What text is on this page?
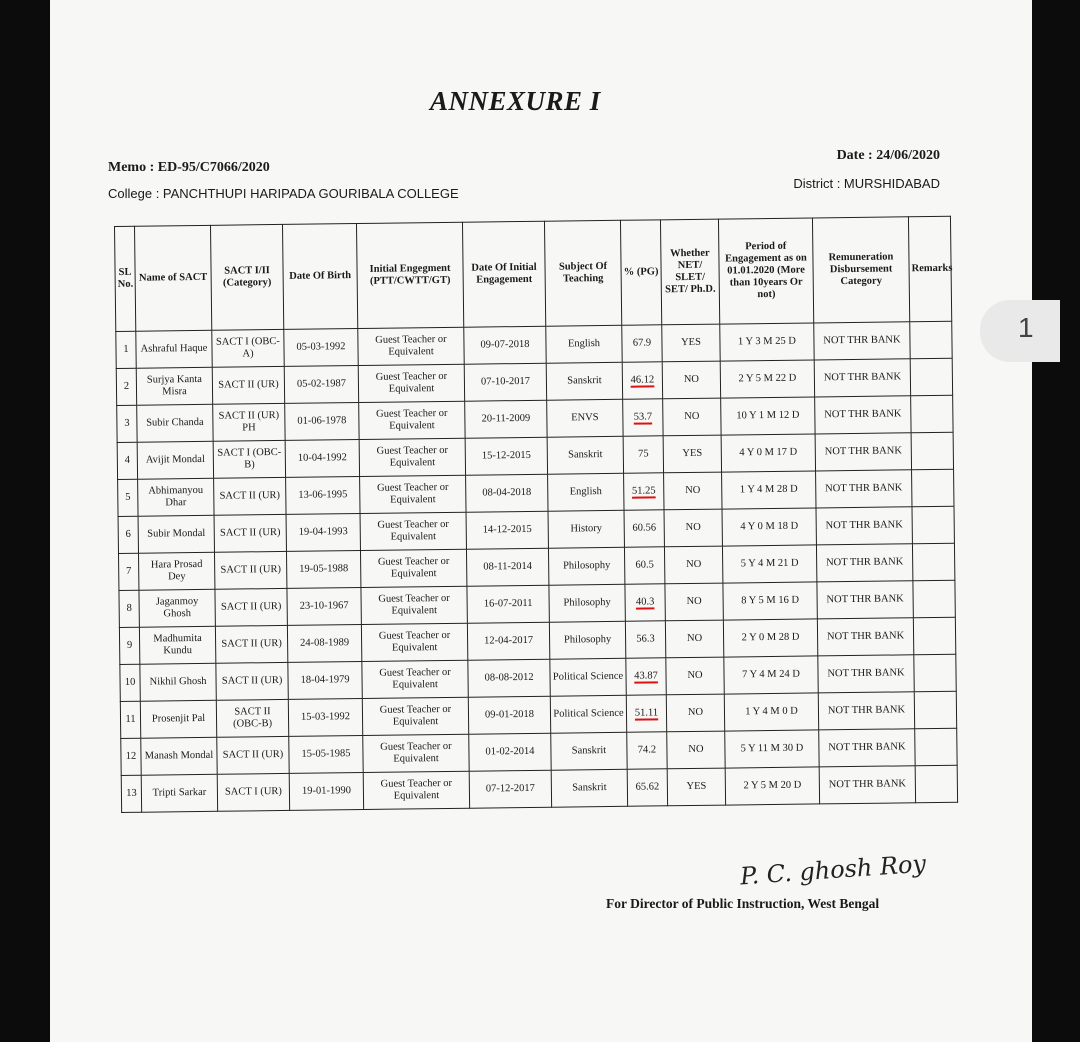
ANNEXURE I
Memo : ED-95/C7066/2020
College : PANCHTHUPI HARIPADA GOURIBALA COLLEGE
Date : 24/06/2020
District : MURSHIDABAD
SL No.	Name of SACT	SACT I/II (Category)	Date Of Birth	Initial Engegment (PTT/CWTT/GT)	Date Of Initial Engagement	Subject Of Teaching	% (PG)	Whether NET/ SLET/ SET/ Ph.D.	Period of Engagement as on 01.01.2020 (More than 10years Or not)	Remuneration Disbursement Category	Remarks
1	Ashraful Haque	SACT I (OBC-A)	05-03-1992	Guest Teacher or Equivalent	09-07-2018	English	67.9	YES	1 Y 3 M 25 D	NOT THR BANK	
2	Surjya Kanta Misra	SACT II (UR)	05-02-1987	Guest Teacher or Equivalent	07-10-2017	Sanskrit	46.12	NO	2 Y 5 M 22 D	NOT THR BANK	
3	Subir Chanda	SACT II (UR) PH	01-06-1978	Guest Teacher or Equivalent	20-11-2009	ENVS	53.7	NO	10 Y 1 M 12 D	NOT THR BANK	
4	Avijit Mondal	SACT I (OBC-B)	10-04-1992	Guest Teacher or Equivalent	15-12-2015	Sanskrit	75	YES	4 Y 0 M 17 D	NOT THR BANK	
5	Abhimanyou Dhar	SACT II (UR)	13-06-1995	Guest Teacher or Equivalent	08-04-2018	English	51.25	NO	1 Y 4 M 28 D	NOT THR BANK	
6	Subir Mondal	SACT II (UR)	19-04-1993	Guest Teacher or Equivalent	14-12-2015	History	60.56	NO	4 Y 0 M 18 D	NOT THR BANK	
7	Hara Prosad Dey	SACT II (UR)	19-05-1988	Guest Teacher or Equivalent	08-11-2014	Philosophy	60.5	NO	5 Y 4 M 21 D	NOT THR BANK	
8	Jaganmoy Ghosh	SACT II (UR)	23-10-1967	Guest Teacher or Equivalent	16-07-2011	Philosophy	40.3	NO	8 Y 5 M 16 D	NOT THR BANK	
9	Madhumita Kundu	SACT II (UR)	24-08-1989	Guest Teacher or Equivalent	12-04-2017	Philosophy	56.3	NO	2 Y 0 M 28 D	NOT THR BANK	
10	Nikhil Ghosh	SACT II (UR)	18-04-1979	Guest Teacher or Equivalent	08-08-2012	Political Science	43.87	NO	7 Y 4 M 24 D	NOT THR BANK	
11	Prosenjit Pal	SACT II (OBC-B)	15-03-1992	Guest Teacher or Equivalent	09-01-2018	Political Science	51.11	NO	1 Y 4 M 0 D	NOT THR BANK	
12	Manash Mondal	SACT II (UR)	15-05-1985	Guest Teacher or Equivalent	01-02-2014	Sanskrit	74.2	NO	5 Y 11 M 30 D	NOT THR BANK	
13	Tripti Sarkar	SACT I (UR)	19-01-1990	Guest Teacher or Equivalent	07-12-2017	Sanskrit	65.62	YES	2 Y 5 M 20 D	NOT THR BANK	
P. C. ghosh Roy
For Director of Public Instruction, West Bengal
1
